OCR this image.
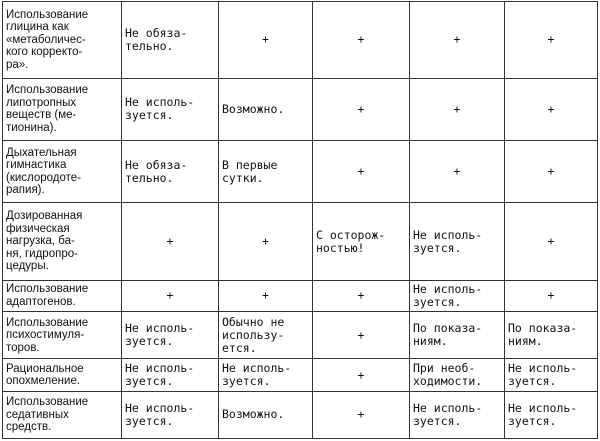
Использование
глицина как
«метаболичес-
кого корректо-
ра».	Не обяза-
тельно.	+	+	+	+
Использование
липотропных
веществ (ме-
тионина).	Не исполь-
зуется.	Возможно.	+	+	+
Дыхательная
гимнастика
(кислородоте-
рапия).	Не обяза-
тельно.	В первые
сутки.	+	+	+
Дозированная
физическая
нагрузка, ба-
ня, гидропро-
цедуры.	+	+	С осторож-
ностью!	Не исполь-
зуется.	+
Использование
адаптогенов.	+	+	+	Не исполь-
зуется.	+
Использование
психостимуля-
торов.	Не исполь-
зуется.	Обычно не
использу-
ется.	+	По показа-
ниям.	По показа-
ниям.
Рациональное
опохмеление.	Не исполь-
зуется.	Не исполь-
зуется.	+	При необ-
ходимости.	Не исполь-
зуется.
Использование
седативных
средств.	Не исполь-
зуется.	Возможно.	+	Не исполь-
зуется.	Не исполь-
зуется.
